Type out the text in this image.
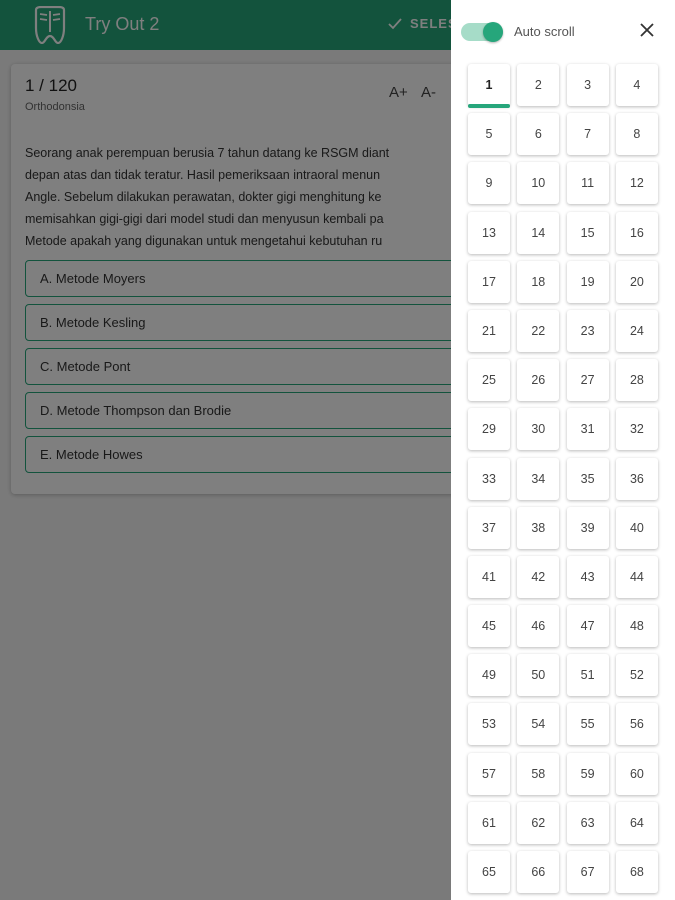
Auto scroll
1	2	3	4
5	6	7	8
9	10	11	12
13	14	15	16
17	18	19	20
21	22	23	24
25	26	27	28
29	30	31	32
33	34	35	36
37	38	39	40
41	42	43	44
45	46	47	48
49	50	51	52
53	54	55	56
57	58	59	60
61	62	63	64
65	66	67	68
